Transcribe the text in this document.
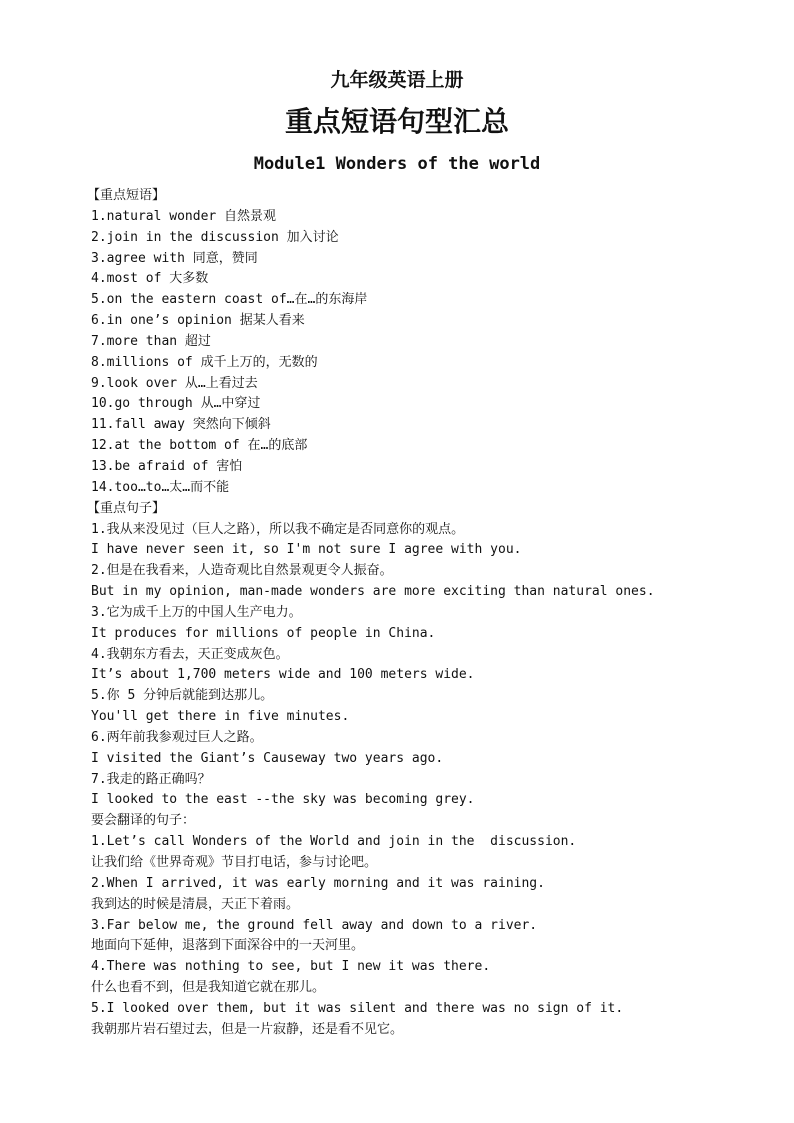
九年级英语上册
重点短语句型汇总
Module1 Wonders of the world
【重点短语】
1.natural wonder 自然景观
2.join in the discussion 加入讨论
3.agree with 同意，赞同
4.most of 大多数
5.on the eastern coast of…在…的东海岸
6.in one’s opinion 据某人看来
7.more than 超过
8.millions of 成千上万的，无数的
9.look over 从…上看过去
10.go through 从…中穿过
11.fall away 突然向下倾斜
12.at the bottom of 在…的底部
13.be afraid of 害怕
14.too…to…太…而不能
【重点句子】
1.我从来没见过（巨人之路），所以我不确定是否同意你的观点。
I have never seen it, so I'm not sure I agree with you.
2.但是在我看来，人造奇观比自然景观更令人振奋。
But in my opinion, man-made wonders are more exciting than natural ones.
3.它为成千上万的中国人生产电力。
It produces for millions of people in China.
4.我朝东方看去，天正变成灰色。
It’s about 1,700 meters wide and 100 meters wide.
5.你 5 分钟后就能到达那儿。
You'll get there in five minutes.
6.两年前我参观过巨人之路。
I visited the Giant’s Causeway two years ago.
7.我走的路正确吗？
I looked to the east --the sky was becoming grey.
要会翻译的句子：
1.Let’s call Wonders of the World and join in the  discussion.
让我们给《世界奇观》节目打电话，参与讨论吧。
2.When I arrived, it was early morning and it was raining.
我到达的时候是清晨，天正下着雨。
3.Far below me, the ground fell away and down to a river.
地面向下延伸，退落到下面深谷中的一天河里。
4.There was nothing to see, but I new it was there.
什么也看不到，但是我知道它就在那儿。
5.I looked over them, but it was silent and there was no sign of it.
我朝那片岩石望过去，但是一片寂静，还是看不见它。
